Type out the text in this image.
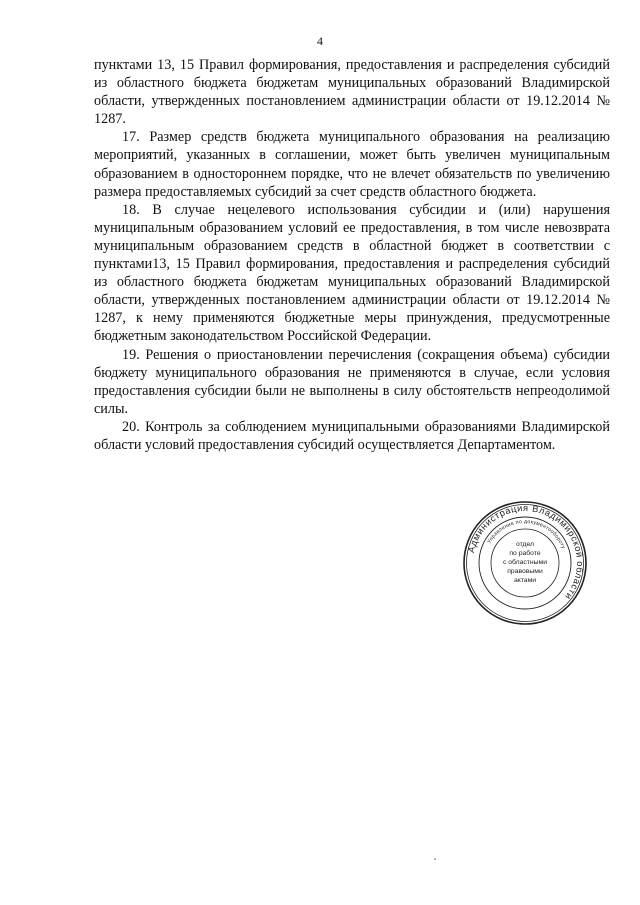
4

пунктами 13, 15 Правил формирования, предоставления и распределения субсидий из областного бюджета бюджетам муниципальных образований Владимирской области, утвержденных постановлением администрации области от 19.12.2014 № 1287.

17. Размер средств бюджета муниципального образования на реализацию мероприятий, указанных в соглашении, может быть увеличен муниципальным образованием в одностороннем порядке, что не влечет обязательств по увеличению размера предоставляемых субсидий за счет средств областного бюджета.

18. В случае нецелевого использования субсидии и (или) нарушения муниципальным образованием условий ее предоставления, в том числе невозврата муниципальным образованием средств в областной бюджет в соответствии с пунктами13, 15 Правил формирования, предоставления и распределения субсидий из областного бюджета бюджетам муниципальных образований Владимирской области, утвержденных постановлением администрации области от 19.12.2014 № 1287, к нему применяются бюджетные меры принуждения, предусмотренные бюджетным законодательством Российской Федерации.

19. Решения о приостановлении перечисления (сокращения объема) субсидии бюджету муниципального образования не применяются в случае, если условия предоставления субсидии были не выполнены в силу обстоятельств непреодолимой силы.

20. Контроль за соблюдением муниципальными образованиями Владимирской области условий предоставления субсидий осуществляется Департаментом.

Администрация Владимирской области
Управление по документообороту
отдел
по работе
с областными
правовыми
актами
